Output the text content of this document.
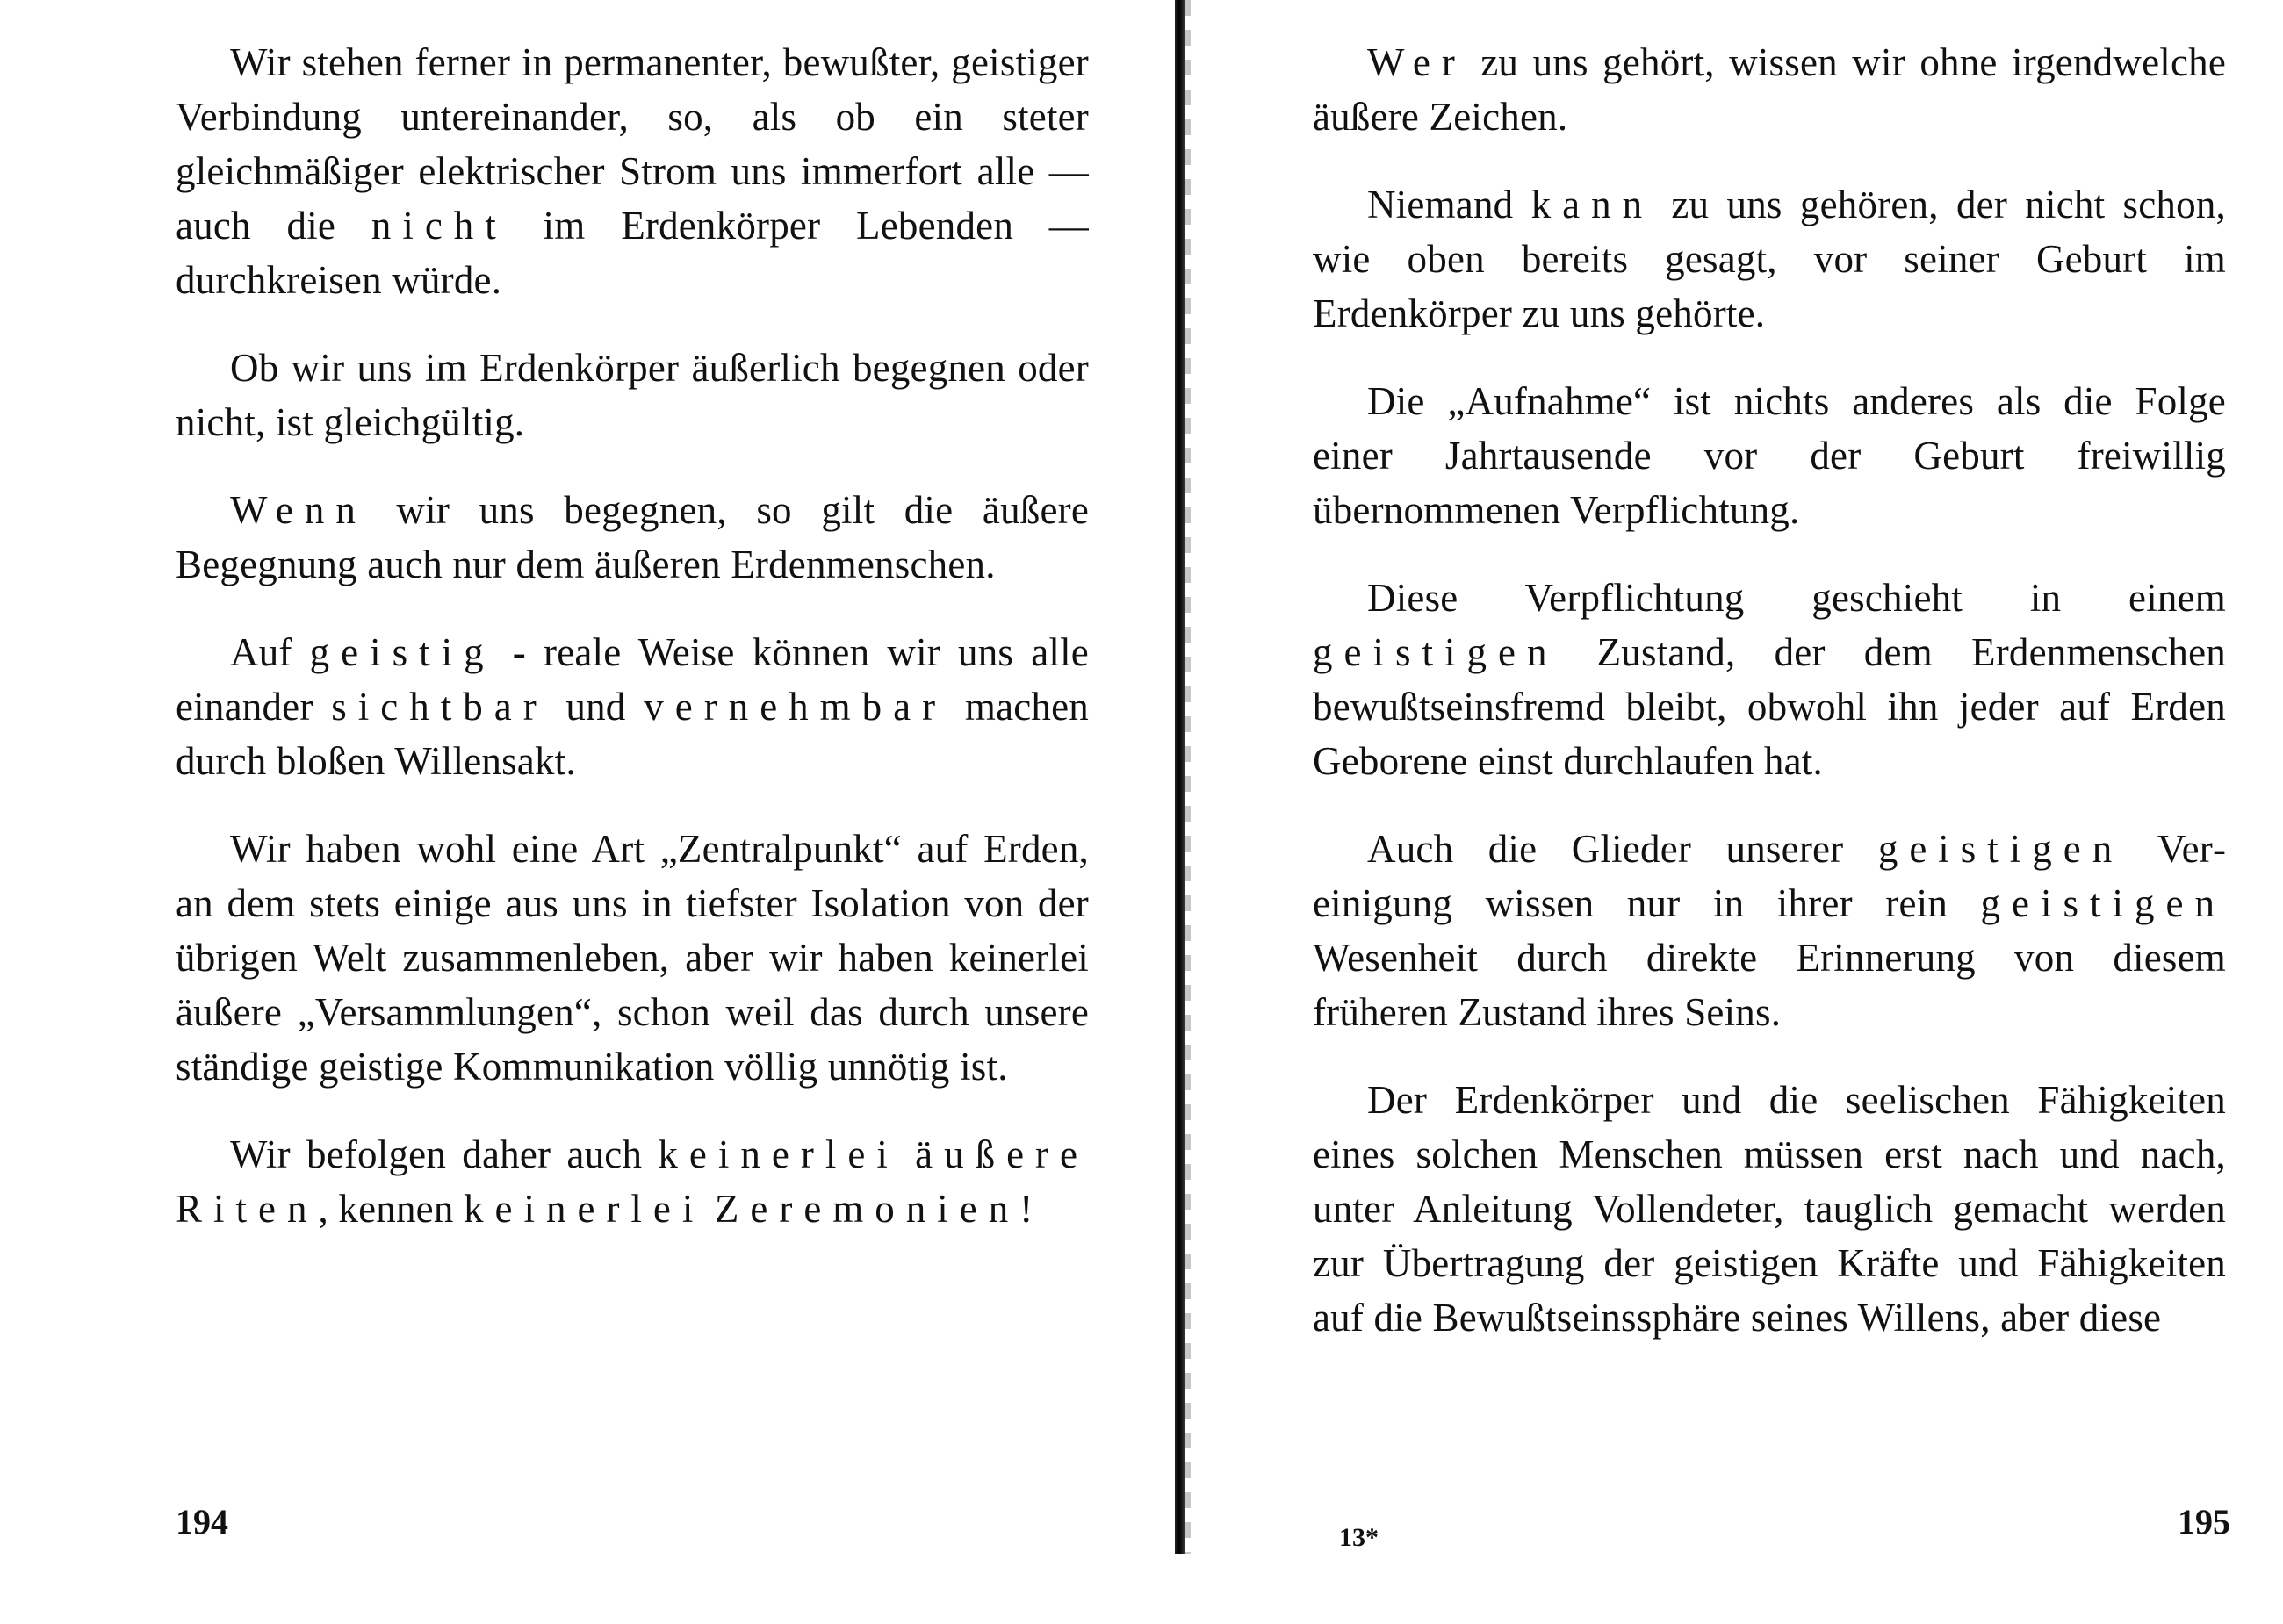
Wir stehen ferner in permanenter, bewußter, geistiger Verbindung untereinander, so, als ob ein steter gleichmäßiger elektrischer Strom uns immerfort alle — auch die nicht im Erdenkörper Lebenden — durchkreisen würde.

Ob wir uns im Erdenkörper äußerlich begegnen oder nicht, ist gleichgültig.

Wenn wir uns begegnen, so gilt die äußere Begegnung auch nur dem äußeren Erdenmenschen.

Auf geistig - reale Weise können wir uns alle einander sichtbar und vernehmbar machen durch bloßen Willensakt.

Wir haben wohl eine Art „Zentralpunkt“ auf Erden, an dem stets einige aus uns in tiefster Isolation von der übrigen Welt zusammenleben, aber wir haben keinerlei äußere „Versammlungen“, schon weil das durch unsere ständige geistige Kommunikation völlig unnötig ist.

Wir befolgen daher auch keinerlei äußere Riten, kennen keinerlei Zeremonien!

194

Wer zu uns gehört, wissen wir ohne irgendwelche äußere Zeichen.

Niemand kann zu uns gehören, der nicht schon, wie oben bereits gesagt, vor seiner Geburt im Erdenkörper zu uns gehörte.

Die „Aufnahme“ ist nichts anderes als die Folge einer Jahrtausende vor der Geburt freiwillig übernommenen Verpflichtung.

Diese Verpflichtung geschieht in einem geistigen Zustand, der dem Erdenmenschen bewußtseinsfremd bleibt, obwohl ihn jeder auf Erden Geborene einst durchlaufen hat.

Auch die Glieder unserer geistigen Vereinigung wissen nur in ihrer rein geistigen Wesenheit durch direkte Erinnerung von diesem früheren Zustand ihres Seins.

Der Erdenkörper und die seelischen Fähigkeiten eines solchen Menschen müssen erst nach und nach, unter Anleitung Vollendeter, tauglich gemacht werden zur Übertragung der geistigen Kräfte und Fähigkeiten auf die Bewußtseinssphäre seines Willens, aber diese

13*	195
